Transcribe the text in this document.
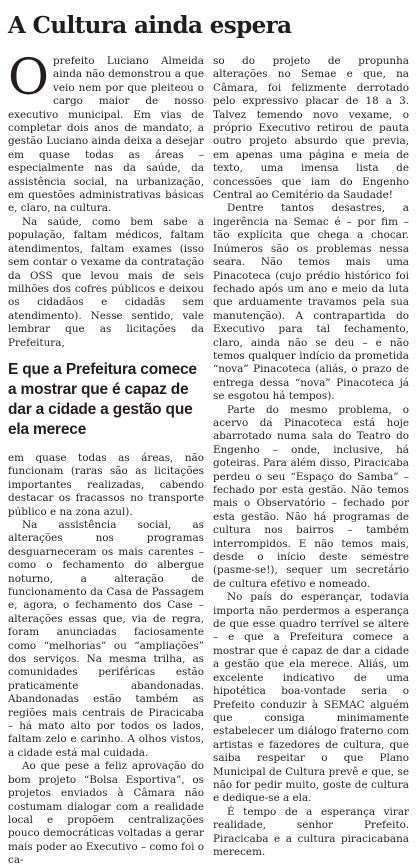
A Cultura ainda espera

Oprefeito Luciano Almeida ainda não demonstrou a que veio nem por que pleiteou o cargo maior de nosso executivo municipal. Em vias de completar dois anos de mandato, a gestão Luciano ainda deixa a desejar em quase todas as áreas – especialmente nas da saúde, da assistência social, na urbanização, em questões administrativas básicas e, claro, na cultura.

Na saúde, como bem sabe a população, faltam médicos, faltam atendimentos, faltam exames (isso sem contar o vexame da contratação da OSS que levou mais de seis milhões dos cofres públicos e deixou os cidadãos e cidadãs sem atendimento). Nesse sentido, vale lembrar que as licitações da Prefeitura,

E que a Prefeitura comece a mostrar que é capaz de dar a cidade a gestão que ela merece

em quase todas as áreas, não funcionam (raras são as licitações importantes realizadas, cabendo destacar os fracassos no transporte público e na zona azul).

Na assistência social, as alterações nos programas desguarneceram os mais carentes – como o fechamento do albergue noturno, a alteração de funcionamento da Casa de Passagem e, agora, o fechamento dos Case – alterações essas que, via de regra, foram anunciadas faciosamente como “melhorias” ou “ampliações” dos serviços. Na mesma trilha, as comunidades periféricas estão praticamente abandonadas. Abandonadas estão também as regiões mais centrais de Piracicaba – há mato alto por todos os lados, faltam zelo e carinho. A olhos vistos, a cidade está mal cuidada.

Ao que pese a feliz aprovação do bom projeto “Bolsa Esportiva”, os projetos enviados à Câmara não costumam dialogar com a realidade local e propõem centralizações pouco democráticas voltadas a gerar mais poder ao Executivo – como foi o ca-

so do projeto de propunha alterações no Semae e que, na Câmara, foi felizmente derrotado pelo expressivo placar de 18 a 3. Talvez temendo novo vexame, o próprio Executivo retirou de pauta outro projeto absurdo que previa, em apenas uma página e meia de texto, uma imensa lista de concessões que iam do Engenho Central ao Cemitério da Saudade!

Dentre tantos desastres, a ingerência na Semac é – por fim – tão explícita que chega a chocar. Inúmeros são os problemas nessa seara. Não temos mais uma Pinacoteca (cujo prédio histórico foi fechado após um ano e meio da luta que arduamente travamos pela sua manutenção). A contrapartida do Executivo para tal fechamento, claro, ainda não se deu – e não temos qualquer indício da prometida “nova” Pinacoteca (aliás, o prazo de entrega dessa “nova” Pinacoteca já se esgotou há tempos).

Parte do mesmo problema, o acervo da Pinacoteca está hoje abarrotado numa sala do Teatro do Engenho – onde, inclusive, há goteiras. Para além disso, Piracicaba perdeu o seu “Espaço do Samba” – fechado por esta gestão. Não temos mais o Observatório – fechado por esta gestão. Não há programas de cultura nos bairros – também interrompidos. E não temos mais, desde o início deste semestre (pasme-se!), sequer um secretário de cultura efetivo e nomeado.

No país do esperançar, todavia importa não perdermos a esperança de que esse quadro terrível se altere – e que a Prefeitura comece a mostrar que é capaz de dar a cidade a gestão que ela merece. Aliás, um excelente indicativo de uma hipotética boa-vontade seria o Prefeito conduzir à SEMAC alguém que consiga minimamente estabelecer um diálogo fraterno com artistas e fazedores de cultura, que saiba respeitar o que Plano Municipal de Cultura prevê e que, se não for pedir muito, goste de cultura e dedique-se a ela.

É tempo de a esperança virar realidade, senhor Prefeito. Piracicaba e a cultura piracicabana merecem.
